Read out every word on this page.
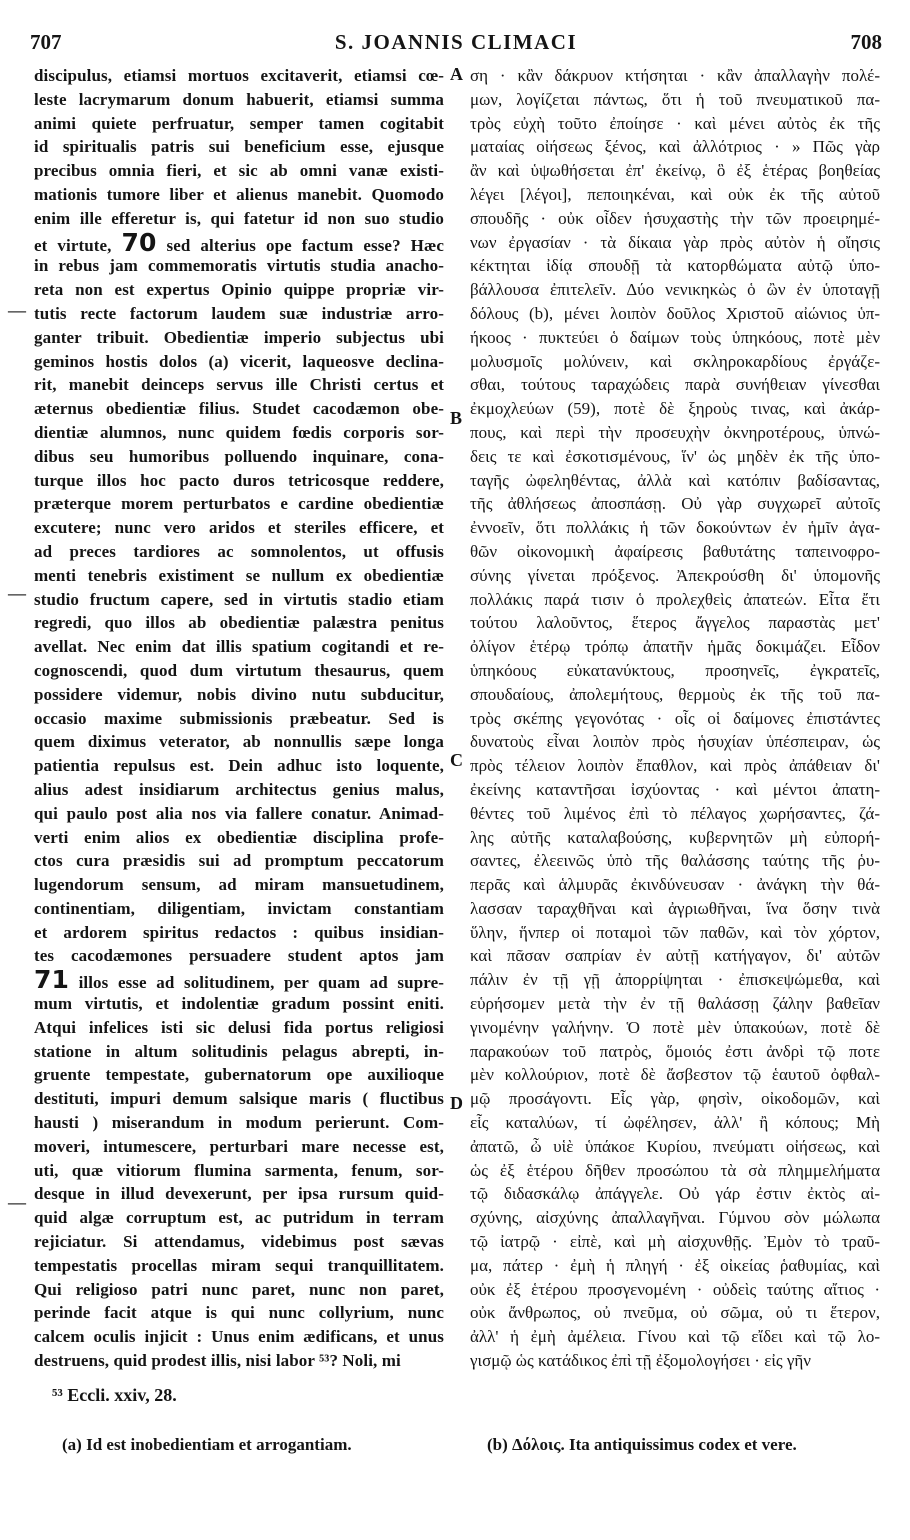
707	S. JOANNIS CLIMACI	708
discipulus, etiamsi mortuos excitaverit, etiamsi cœ-
leste lacrymarum donum habuerit, etiamsi summa
animi quiete perfruatur, semper tamen cogitabit
id spiritualis patris sui beneficium esse, ejusque
precibus omnia fieri, et sic ab omni vanæ existi-
mationis tumore liber et alienus manebit. Quomodo
enim ille efferetur is, qui fatetur id non suo studio
et virtute, 70 sed alterius ope factum esse? Hæc
in rebus jam commemoratis virtutis studia anacho-
reta non est expertus Opinio quippe propriæ vir-
tutis recte factorum laudem suæ industriæ arro-
ganter tribuit. Obedientiæ imperio subjectus ubi
geminos hostis dolos (a) vicerit, laqueosve declina-
rit, manebit deinceps servus ille Christi certus et
æternus obedientiæ filius. Studet cacodæmon obe-
dientiæ alumnos, nunc quidem fœdis corporis sor-
dibus seu humoribus polluendo inquinare, cona-
turque illos hoc pacto duros tetricosque reddere,
præterque morem perturbatos e cardine obedientiæ
excutere; nunc vero aridos et steriles efficere, et
ad preces tardiores ac somnolentos, ut offusis
menti tenebris existiment se nullum ex obedientiæ
studio fructum capere, sed in virtutis stadio etiam
regredi, quo illos ab obedientiæ palæstra penitus
avellat. Nec enim dat illis spatium cogitandi et re-
cognoscendi, quod dum virtutum thesaurus, quem
possidere videmur, nobis divino nutu subducitur,
occasio maxime submissionis præbeatur. Sed is
quem diximus veterator, ab nonnullis sæpe longa
patientia repulsus est. Dein adhuc isto loquente,
alius adest insidiarum architectus genius malus,
qui paulo post alia nos via fallere conatur. Animad-
verti enim alios ex obedientiæ disciplina profe-
ctos cura præsidis sui ad promptum peccatorum
lugendorum sensum, ad miram mansuetudinem,
continentiam, diligentiam, invictam constantiam
et ardorem spiritus redactos : quibus insidian-
tes cacodæmones persuadere student aptos jam
71 illos esse ad solitudinem, per quam ad supre-
mum virtutis, et indolentiæ gradum possint eniti.
Atqui infelices isti sic delusi fida portus religiosi
statione in altum solitudinis pelagus abrepti, in-
gruente tempestate, gubernatorum ope auxilioque
destituti, impuri demum salsique maris ( fluctibus
hausti ) miserandum in modum perierunt. Com-
moveri, intumescere, perturbari mare necesse est,
uti, quæ vitiorum flumina sarmenta, fenum, sor-
desque in illud devexerunt, per ipsa rursum quid-
quid algæ corruptum est, ac putridum in terram
rejiciatur. Si attendamus, videbimus post sævas
tempestatis procellas miram sequi tranquillitatem.
Qui religioso patri nunc paret, nunc non paret,
perinde facit atque is qui nunc collyrium, nunc
calcem oculis injicit : Unus enim ædificans, et unus
destruens, quid prodest illis, nisi labor ⁵³? Noli, mi
ση · κἂν δάκρυον κτήσηται · κἂν ἀπαλλαγὴν πολέ-
μων, λογίζεται πάντως, ὅτι ἡ τοῦ πνευματικοῦ πα-
τρὸς εὐχὴ τοῦτο ἐποίησε · καὶ μένει αὐτὸς ἐκ τῆς
ματαίας οἰήσεως ξένος, καὶ ἀλλότριος · » Πῶς γὰρ
ἂν καὶ ὑψωθήσεται ἐπ' ἐκείνῳ, ὃ ἐξ ἑτέρας βοηθείας
λέγει [λέγοι], πεποιηκέναι, καὶ οὐκ ἐκ τῆς αὐτοῦ
σπουδῆς · οὐκ οἶδεν ἡσυχαστὴς τὴν τῶν προειρημέ-
νων ἐργασίαν · τὰ δίκαια γὰρ πρὸς αὐτὸν ἡ οἴησις
κέκτηται ἰδίᾳ σπουδῇ τὰ κατορθώματα αὐτῷ ὑπο-
βάλλουσα ἐπιτελεῖν. Δύο νενικηκὼς ὁ ὢν ἐν ὑποταγῇ
δόλους (b), μένει λοιπὸν δοῦλος Χριστοῦ αἰώνιος ὑπ-
ήκοος · πυκτεύει ὁ δαίμων τοὺς ὑπηκόους, ποτὲ μὲν
μολυσμοῖς μολύνειν, καὶ σκληροκαρδίους ἐργάζε-
σθαι, τούτους ταραχώδεις παρὰ συνήθειαν γίνεσθαι
ἐκμοχλεύων (59), ποτὲ δὲ ξηροὺς τινας, καὶ ἀκάρ-
πους, καὶ περὶ τὴν προσευχὴν ὀκνηροτέρους, ὑπνώ-
δεις τε καὶ ἐσκοτισμένους, ἵν' ὡς μηδὲν ἐκ τῆς ὑπο-
ταγῆς ὠφεληθέντας, ἀλλὰ καὶ κατόπιν βαδίσαντας,
τῆς ἀθλήσεως ἀποσπάσῃ. Οὐ γὰρ συγχωρεῖ αὐτοῖς
ἐννοεῖν, ὅτι πολλάκις ἡ τῶν δοκούντων ἐν ἡμῖν ἀγα-
θῶν οἰκονομικὴ ἀφαίρεσις βαθυτάτης ταπεινοφρο-
σύνης γίνεται πρόξενος. Ἀπεκρούσθη δι' ὑπομονῆς
πολλάκις παρά τισιν ὁ προλεχθεὶς ἀπατεών. Εἶτα ἔτι
τούτου λαλοῦντος, ἕτερος ἄγγελος παραστὰς μετ'
ὀλίγον ἑτέρῳ τρόπῳ ἀπατῆν ἡμᾶς δοκιμάζει. Εἶδον
ὑπηκόους εὐκατανύκτους, προσηνεῖς, ἐγκρατεῖς,
σπουδαίους, ἀπολεμήτους, θερμοὺς ἐκ τῆς τοῦ πα-
τρὸς σκέπης γεγονότας · οἷς οἱ δαίμονες ἐπιστάντες
δυνατοὺς εἶναι λοιπὸν πρὸς ἡσυχίαν ὑπέσπειραν, ὡς
πρὸς τέλειον λοιπὸν ἔπαθλον, καὶ πρὸς ἀπάθειαν δι'
ἐκείνης καταντῆσαι ἰσχύοντας · καὶ μέντοι ἀπατη-
θέντες τοῦ λιμένος ἐπὶ τὸ πέλαγος χωρήσαντες, ζά-
λης αὐτῆς καταλαβούσης, κυβερνητῶν μὴ εὐπορή-
σαντες, ἐλεεινῶς ὑπὸ τῆς θαλάσσης ταύτης τῆς ῥυ-
περᾶς καὶ ἁλμυρᾶς ἐκινδύνευσαν · ἀνάγκη τὴν θά-
λασσαν ταραχθῆναι καὶ ἀγριωθῆναι, ἵνα ὅσην τινὰ
ὕλην, ἥνπερ οἱ ποταμοὶ τῶν παθῶν, καὶ τὸν χόρτον,
καὶ πᾶσαν σαπρίαν ἐν αὐτῇ κατήγαγον, δι' αὐτῶν
πάλιν ἐν τῇ γῇ ἀπορρίψηται · ἐπισκεψώμεθα, καὶ
εὑρήσομεν μετὰ τὴν ἐν τῇ θαλάσσῃ ζάλην βαθεῖαν
γινομένην γαλήνην. Ὁ ποτὲ μὲν ὑπακούων, ποτὲ δὲ
παρακούων τοῦ πατρὸς, ὅμοιός ἐστι ἀνδρὶ τῷ ποτε
μὲν κολλούριον, ποτὲ δὲ ἄσβεστον τῷ ἑαυτοῦ ὀφθαλ-
μῷ προσάγοντι. Εἷς γὰρ, φησὶν, οἰκοδομῶν, καὶ
εἷς καταλύων, τί ὠφέλησεν, ἀλλ' ἢ κόπους; Μὴ
ἀπατῶ, ὦ υἱὲ ὑπάκοε Κυρίου, πνεύματι οἰήσεως, καὶ
ὡς ἐξ ἑτέρου δῆθεν προσώπου τὰ σὰ πλημμελήματα
τῷ διδασκάλῳ ἀπάγγελε. Οὐ γάρ ἐστιν ἐκτὸς αἰ-
σχύνης, αἰσχύνης ἀπαλλαγῆναι. Γύμνου σὸν μώλωπα
τῷ ἰατρῷ · εἰπὲ, καὶ μὴ αἰσχυνθῇς. Ἐμὸν τὸ τραῦ-
μα, πάτερ · ἐμὴ ἡ πληγή · ἐξ οἰκείας ῥαθυμίας, καὶ
οὐκ ἐξ ἑτέρου προσγενομένη · οὐδεὶς ταύτης αἴτιος ·
οὐκ ἄνθρωπος, οὐ πνεῦμα, οὐ σῶμα, οὐ τι ἕτερον,
ἀλλ' ἡ ἐμὴ ἀμέλεια. Γίνου καὶ τῷ εἴδει καὶ τῷ λο-
γισμῷ ὡς κατάδικος ἐπὶ τῇ ἐξομολογήσει · εἰς γῆν
A
B
C
D
—
—
—
⁵³ Eccli. xxiv, 28.
(a) Id est inobedientiam et arrogantiam.	(b) Δόλοις. Ita antiquissimus codex et vere.
